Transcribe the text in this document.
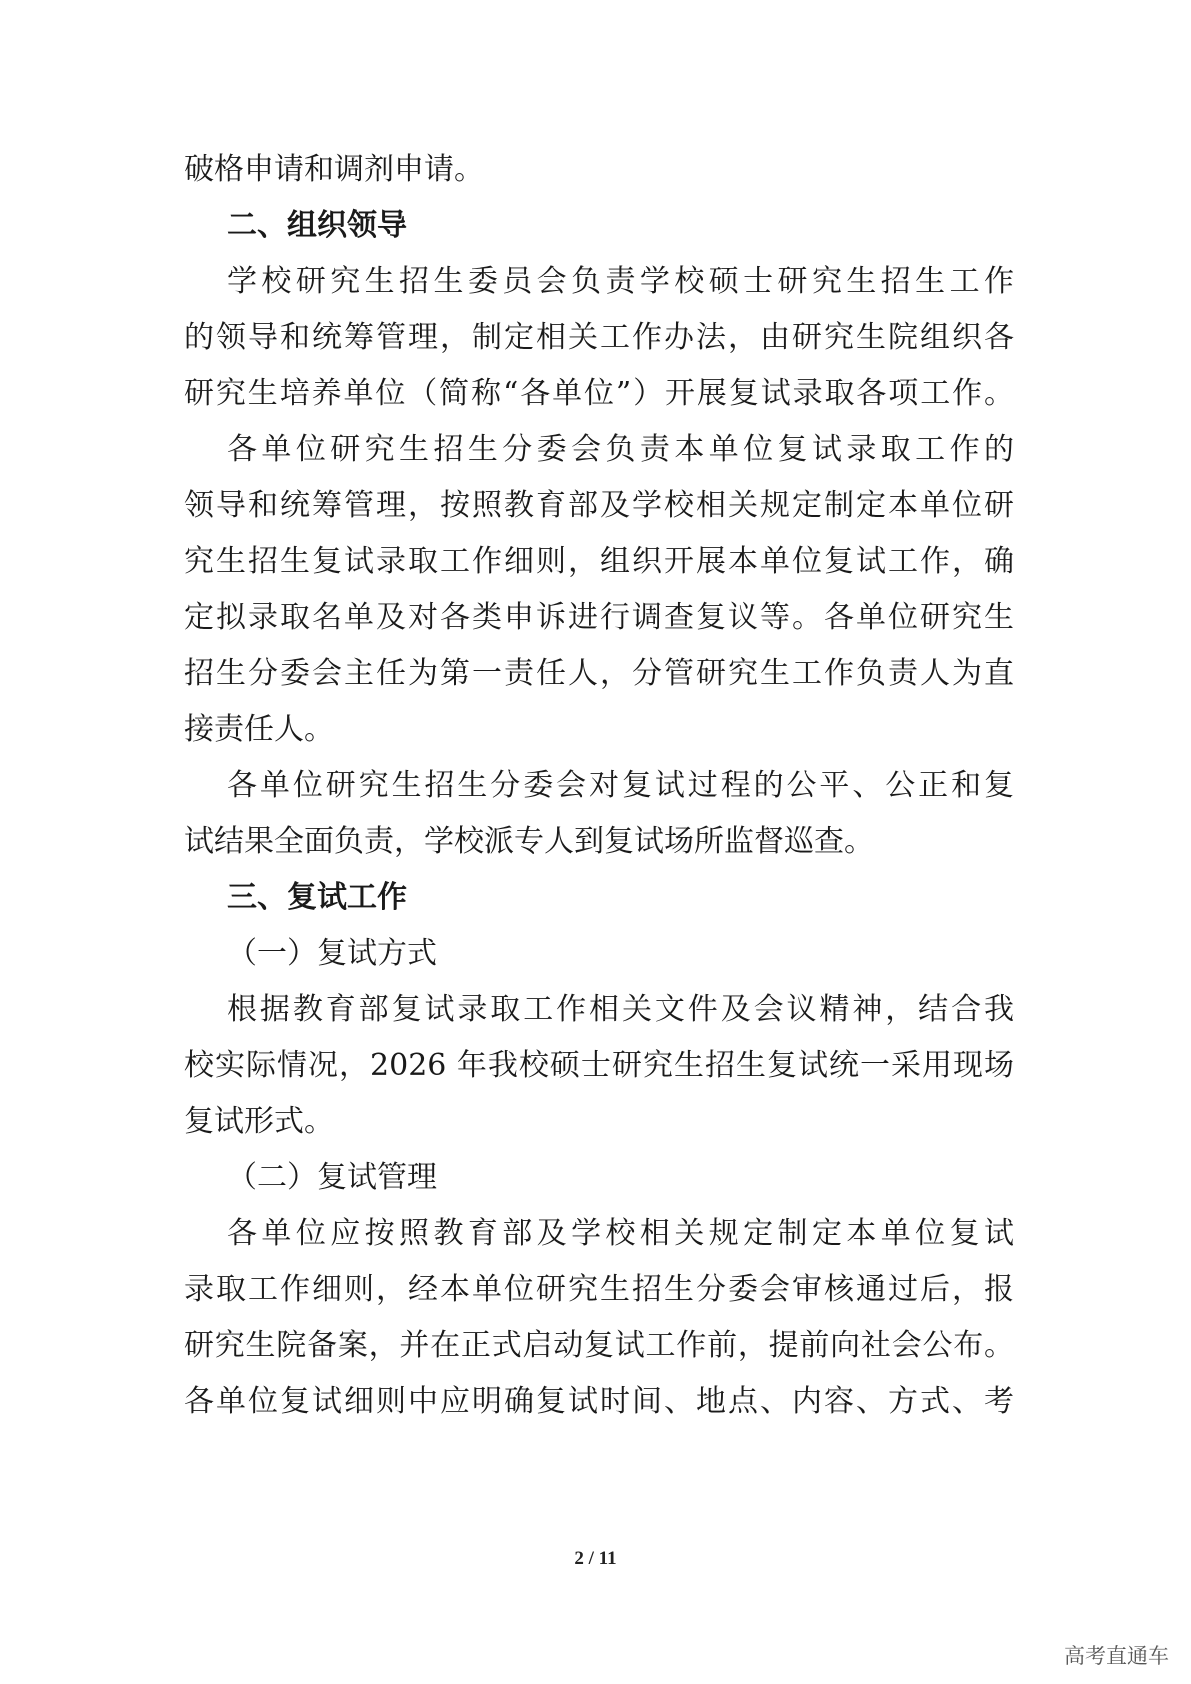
破格申请和调剂申请。
二、组织领导
学校研究生招生委员会负责学校硕士研究生招生工作
的领导和统筹管理，制定相关工作办法，由研究生院组织各
研究生培养单位（简称“各单位”）开展复试录取各项工作。
各单位研究生招生分委会负责本单位复试录取工作的
领导和统筹管理，按照教育部及学校相关规定制定本单位研
究生招生复试录取工作细则，组织开展本单位复试工作，确
定拟录取名单及对各类申诉进行调查复议等。各单位研究生
招生分委会主任为第一责任人，分管研究生工作负责人为直
接责任人。
各单位研究生招生分委会对复试过程的公平、公正和复
试结果全面负责，学校派专人到复试场所监督巡查。
三、复试工作
（一）复试方式
根据教育部复试录取工作相关文件及会议精神，结合我
校实际情况，2026 年我校硕士研究生招生复试统一采用现场
复试形式。
（二）复试管理
各单位应按照教育部及学校相关规定制定本单位复试
录取工作细则，经本单位研究生招生分委会审核通过后，报
研究生院备案，并在正式启动复试工作前，提前向社会公布。
各单位复试细则中应明确复试时间、地点、内容、方式、考
2 / 11
高考直通车
